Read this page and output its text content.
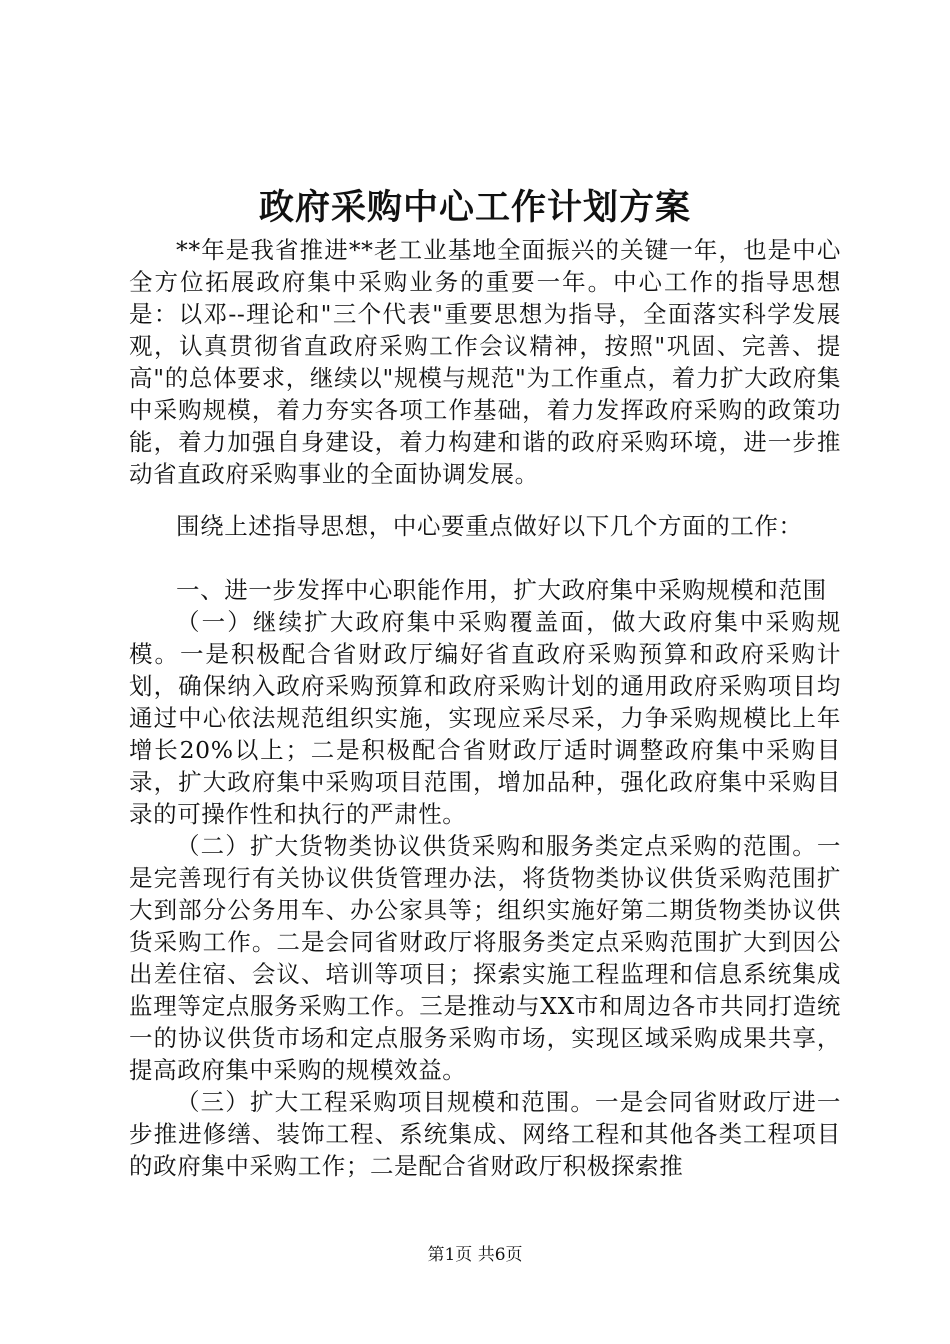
政府采购中心工作计划方案

**年是我省推进**老工业基地全面振兴的关键一年，也是中心全方位拓展政府集中采购业务的重要一年。中心工作的指导思想是：以邓--理论和"三个代表"重要思想为指导，全面落实科学发展观，认真贯彻省直政府采购工作会议精神，按照"巩固、完善、提高"的总体要求，继续以"规模与规范"为工作重点，着力扩大政府集中采购规模，着力夯实各项工作基础，着力发挥政府采购的政策功能，着力加强自身建设，着力构建和谐的政府采购环境，进一步推动省直政府采购事业的全面协调发展。

围绕上述指导思想，中心要重点做好以下几个方面的工作：

一、进一步发挥中心职能作用，扩大政府集中采购规模和范围

（一）继续扩大政府集中采购覆盖面，做大政府集中采购规模。一是积极配合省财政厅编好省直政府采购预算和政府采购计划，确保纳入政府采购预算和政府采购计划的通用政府采购项目均通过中心依法规范组织实施，实现应采尽采，力争采购规模比上年增长20%以上；二是积极配合省财政厅适时调整政府集中采购目录，扩大政府集中采购项目范围，增加品种，强化政府集中采购目录的可操作性和执行的严肃性。

（二）扩大货物类协议供货采购和服务类定点采购的范围。一是完善现行有关协议供货管理办法，将货物类协议供货采购范围扩大到部分公务用车、办公家具等；组织实施好第二期货物类协议供货采购工作。二是会同省财政厅将服务类定点采购范围扩大到因公出差住宿、会议、培训等项目；探索实施工程监理和信息系统集成监理等定点服务采购工作。三是推动与XX市和周边各市共同打造统一的协议供货市场和定点服务采购市场，实现区域采购成果共享，提高政府集中采购的规模效益。

（三）扩大工程采购项目规模和范围。一是会同省财政厅进一步推进修缮、装饰工程、系统集成、网络工程和其他各类工程项目的政府集中采购工作；二是配合省财政厅积极探索推

第1页 共6页
